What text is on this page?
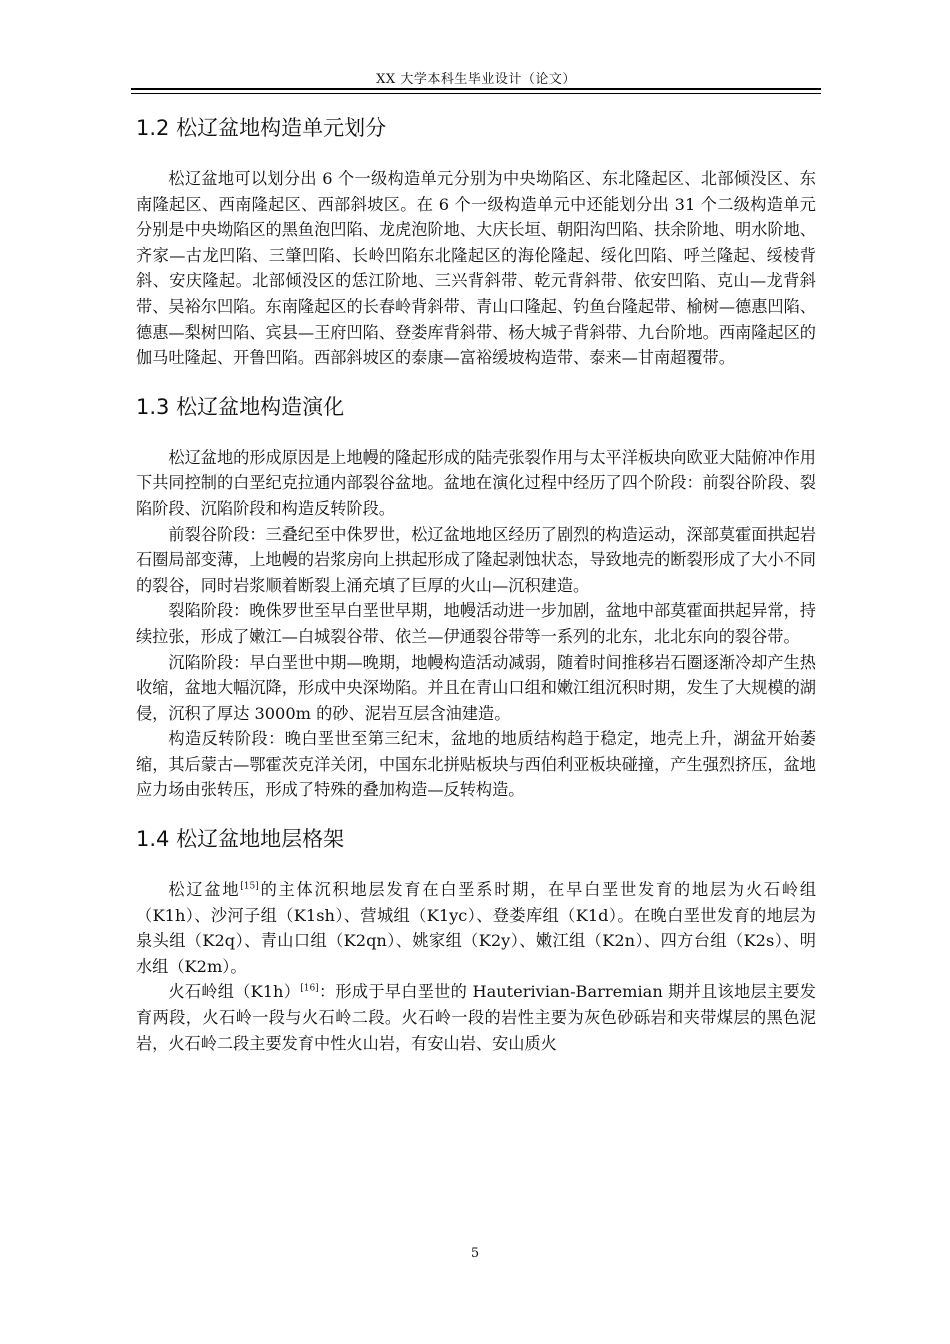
XX 大学本科生毕业设计（论文）
1.2 松辽盆地构造单元划分

松辽盆地可以划分出 6 个一级构造单元分别为中央坳陷区、东北隆起区、北部倾没区、东南隆起区、西南隆起区、西部斜坡区。在 6 个一级构造单元中还能划分出 31 个二级构造单元分别是中央坳陷区的黑鱼泡凹陷、龙虎泡阶地、大庆长垣、朝阳沟凹陷、扶余阶地、明水阶地、齐家—古龙凹陷、三肇凹陷、长岭凹陷东北隆起区的海伦隆起、绥化凹陷、呼兰隆起、绥棱背斜、安庆隆起。北部倾没区的恁江阶地、三兴背斜带、乾元背斜带、依安凹陷、克山—龙背斜带、吴裕尔凹陷。东南隆起区的长春岭背斜带、青山口隆起、钓鱼台隆起带、榆树—德惠凹陷、德惠—梨树凹陷、宾县—王府凹陷、登娄库背斜带、杨大城子背斜带、九台阶地。西南隆起区的伽马吐隆起、开鲁凹陷。西部斜坡区的泰康—富裕缓坡构造带、泰来—甘南超覆带。

1.3 松辽盆地构造演化

松辽盆地的形成原因是上地幔的隆起形成的陆壳张裂作用与太平洋板块向欧亚大陆俯冲作用下共同控制的白垩纪克拉通内部裂谷盆地。盆地在演化过程中经历了四个阶段：前裂谷阶段、裂陷阶段、沉陷阶段和构造反转阶段。

前裂谷阶段：三叠纪至中侏罗世，松辽盆地地区经历了剧烈的构造运动，深部莫霍面拱起岩石圈局部变薄，上地幔的岩浆房向上拱起形成了隆起剥蚀状态，导致地壳的断裂形成了大小不同的裂谷，同时岩浆顺着断裂上涌充填了巨厚的火山—沉积建造。

裂陷阶段：晚侏罗世至早白垩世早期，地幔活动进一步加剧，盆地中部莫霍面拱起异常，持续拉张，形成了嫩江—白城裂谷带、依兰—伊通裂谷带等一系列的北东，北北东向的裂谷带。

沉陷阶段：早白垩世中期—晚期，地幔构造活动减弱，随着时间推移岩石圈逐渐冷却产生热收缩，盆地大幅沉降，形成中央深坳陷。并且在青山口组和嫩江组沉积时期，发生了大规模的湖侵，沉积了厚达 3000m 的砂、泥岩互层含油建造。

构造反转阶段：晚白垩世至第三纪末，盆地的地质结构趋于稳定，地壳上升，湖盆开始萎缩，其后蒙古—鄂霍茨克洋关闭，中国东北拼贴板块与西伯利亚板块碰撞，产生强烈挤压，盆地应力场由张转压，形成了特殊的叠加构造—反转构造。

1.4 松辽盆地地层格架

松辽盆地[15]的主体沉积地层发育在白垩系时期，在早白垩世发育的地层为火石岭组（K1h）、沙河子组（K1sh）、营城组（K1yc）、登娄库组（K1d）。在晚白垩世发育的地层为泉头组（K2q）、青山口组（K2qn）、姚家组（K2y）、嫩江组（K2n）、四方台组（K2s）、明水组（K2m）。

火石岭组（K1h）[16]：形成于早白垩世的 Hauterivian-Barremian 期并且该地层主要发育两段，火石岭一段与火石岭二段。火石岭一段的岩性主要为灰色砂砾岩和夹带煤层的黑色泥岩，火石岭二段主要发育中性火山岩，有安山岩、安山质火

5
